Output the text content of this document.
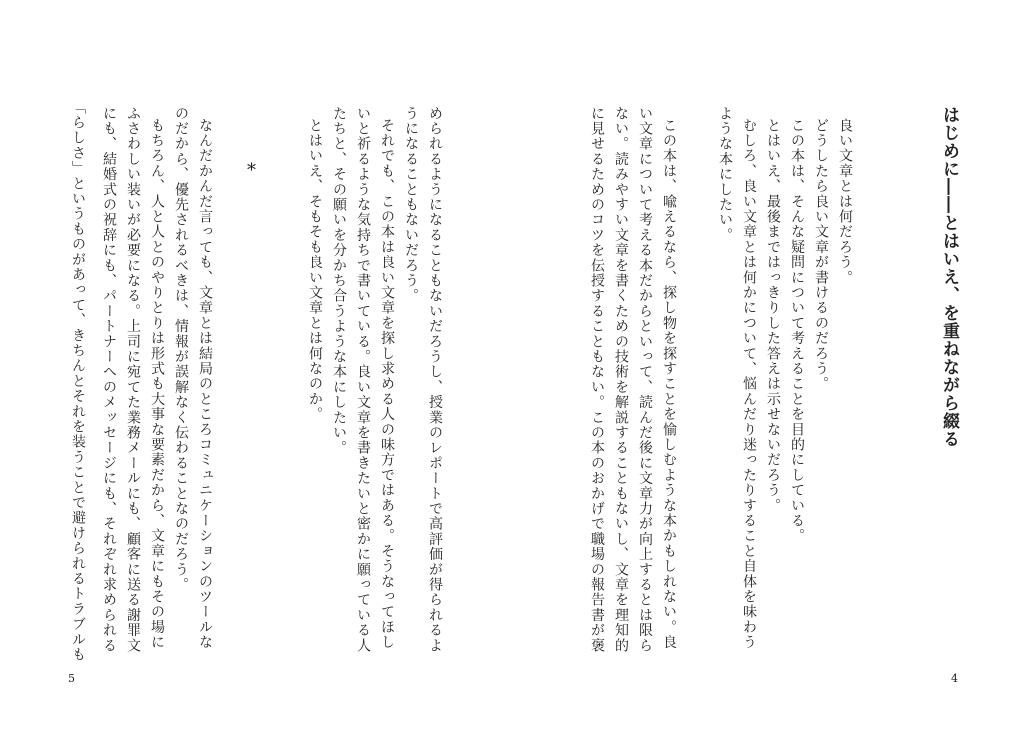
はじめに――とはいえ、を重ねながら綴る
良い文章とは何だろう。
どうしたら良い文章が書けるのだろう。
この本は、そんな疑問について考えることを目的にしている。
とはいえ、最後まではっきりした答えは示せないだろう。
むしろ、良い文章とは何かについて、悩んだり迷ったりすること自体を味わう
ような本にしたい。
この本は、喩えるなら、探し物を探すことを愉しむような本かもしれない。良
い文章について考える本だからといって、読んだ後に文章力が向上するとは限ら
ない。読みやすい文章を書くための技術を解説することもないし、文章を理知的
に見せるためのコツを伝授することもない。この本のおかげで職場の報告書が褒
4
められるようになることもないだろうし、授業のレポートで高評価が得られるよ
うになることもないだろう。
それでも、この本は良い文章を探し求める人の味方ではある。そうなってほし
いと祈るような気持ちで書いている。良い文章を書きたいと密かに願っている人
たちと、その願いを分かち合うような本にしたい。
とはいえ、そもそも良い文章とは何なのか。
*
なんだかんだ言っても、文章とは結局のところコミュニケーションのツールな
のだから、優先されるべきは、情報が誤解なく伝わることなのだろう。
もちろん、人と人とのやりとりは形式も大事な要素だから、文章にもその場に
ふさわしい装いが必要になる。上司に宛てた業務メールにも、顧客に送る謝罪文
にも、結婚式の祝辞にも、パートナーへのメッセージにも、それぞれ求められる
「らしさ」というものがあって、きちんとそれを装うことで避けられるトラブルも
5
